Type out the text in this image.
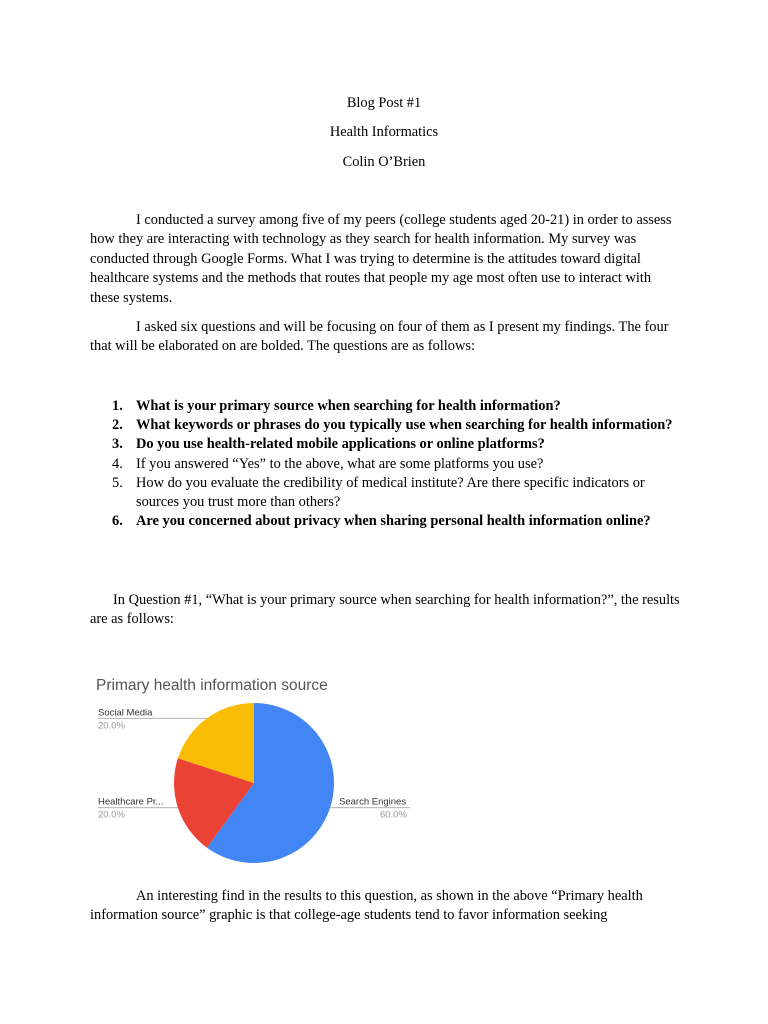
Blog Post #1
Health Informatics
Colin O’Brien

I conducted a survey among five of my peers (college students aged 20-21) in order to assess how they are interacting with technology as they search for health information. My survey was conducted through Google Forms. What I was trying to determine is the attitudes toward digital healthcare systems and the methods that routes that people my age most often use to interact with these systems.

I asked six questions and will be focusing on four of them as I present my findings. The four that will be elaborated on are bolded. The questions are as follows:

1. What is your primary source when searching for health information?
2. What keywords or phrases do you typically use when searching for health information?
3. Do you use health-related mobile applications or online platforms?
4. If you answered “Yes” to the above, what are some platforms you use?
5. How do you evaluate the credibility of medical institute? Are there specific indicators or sources you trust more than others?
6. Are you concerned about privacy when sharing personal health information online?

In Question #1, “What is your primary source when searching for health information?”, the results are as follows:

Primary health information source
Search Engines
60.0%
Healthcare Pr...
20.0%
Social Media
20.0%

An interesting find in the results to this question, as shown in the above “Primary health information source” graphic is that college-age students tend to favor information seeking
